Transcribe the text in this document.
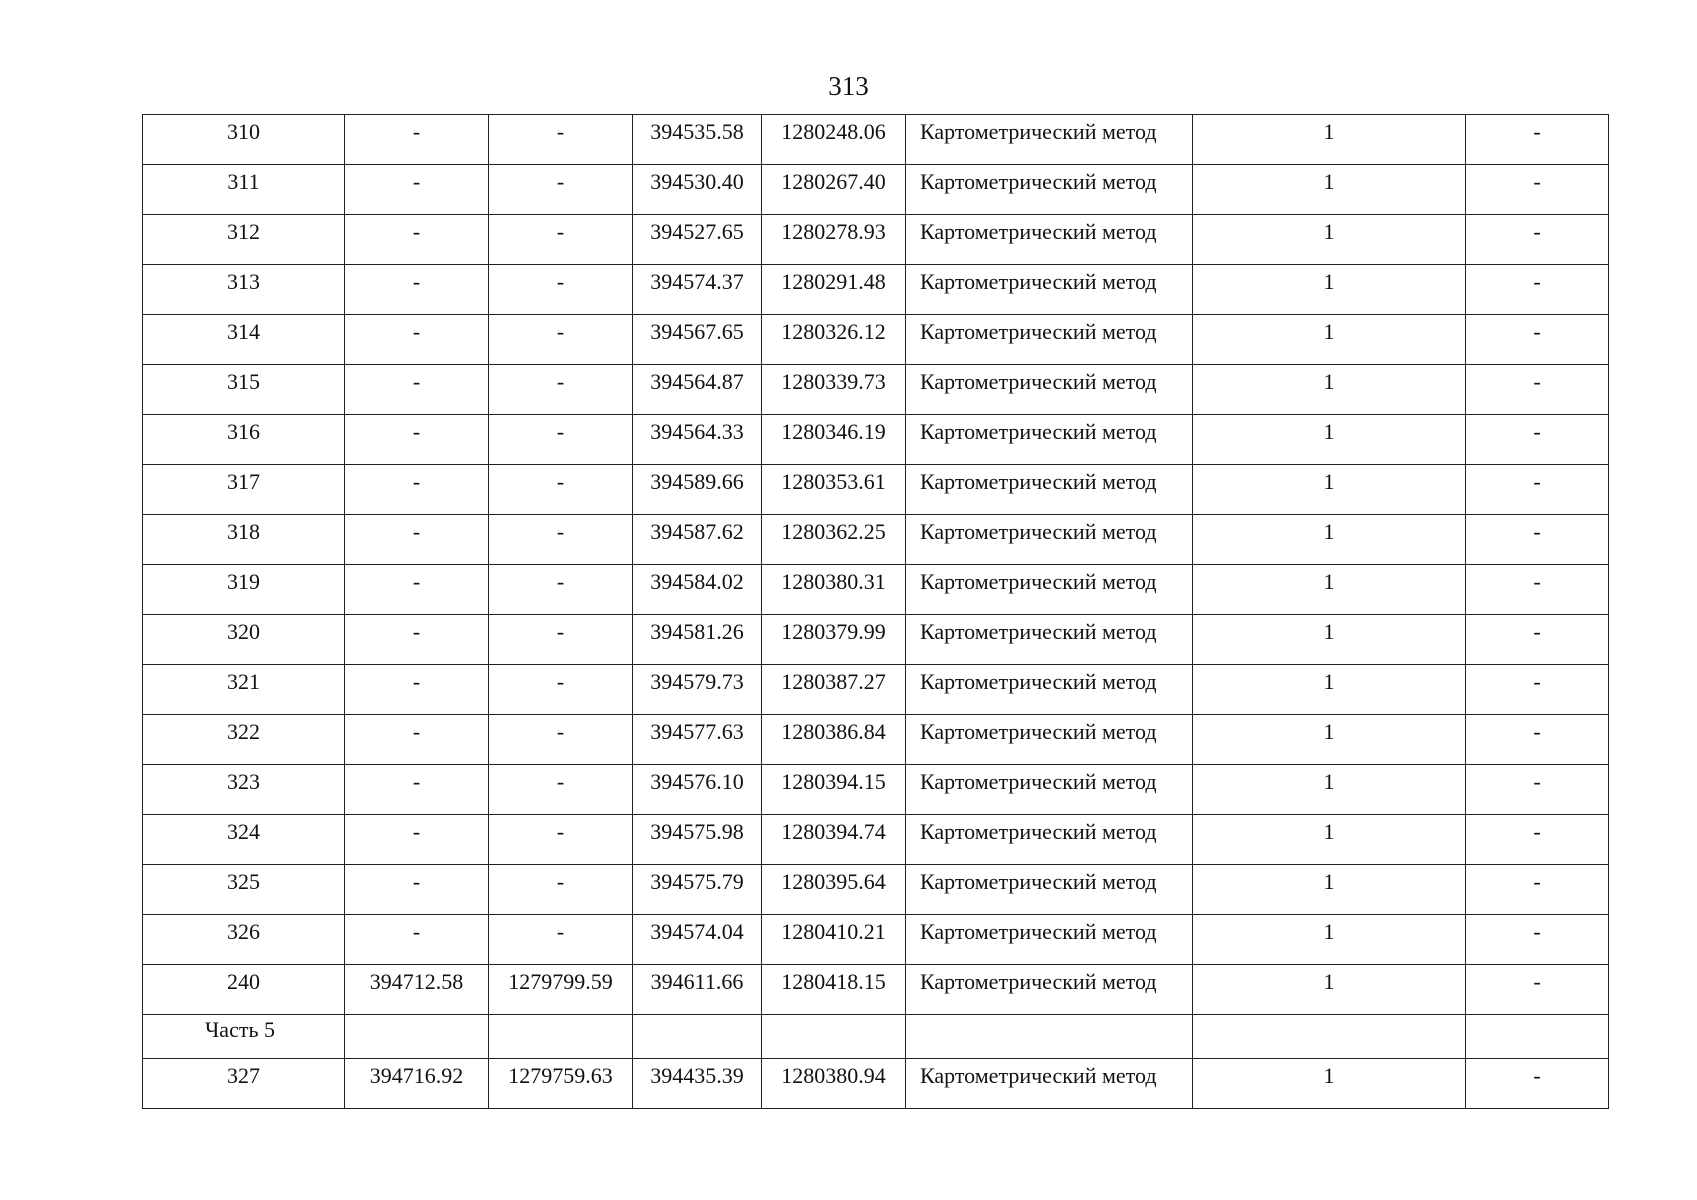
313
310	-	-	394535.58	1280248.06	Картометрический метод	1	-
311	-	-	394530.40	1280267.40	Картометрический метод	1	-
312	-	-	394527.65	1280278.93	Картометрический метод	1	-
313	-	-	394574.37	1280291.48	Картометрический метод	1	-
314	-	-	394567.65	1280326.12	Картометрический метод	1	-
315	-	-	394564.87	1280339.73	Картометрический метод	1	-
316	-	-	394564.33	1280346.19	Картометрический метод	1	-
317	-	-	394589.66	1280353.61	Картометрический метод	1	-
318	-	-	394587.62	1280362.25	Картометрический метод	1	-
319	-	-	394584.02	1280380.31	Картометрический метод	1	-
320	-	-	394581.26	1280379.99	Картометрический метод	1	-
321	-	-	394579.73	1280387.27	Картометрический метод	1	-
322	-	-	394577.63	1280386.84	Картометрический метод	1	-
323	-	-	394576.10	1280394.15	Картометрический метод	1	-
324	-	-	394575.98	1280394.74	Картометрический метод	1	-
325	-	-	394575.79	1280395.64	Картометрический метод	1	-
326	-	-	394574.04	1280410.21	Картометрический метод	1	-
240	394712.58	1279799.59	394611.66	1280418.15	Картометрический метод	1	-
Часть 5							
327	394716.92	1279759.63	394435.39	1280380.94	Картометрический метод	1	-
